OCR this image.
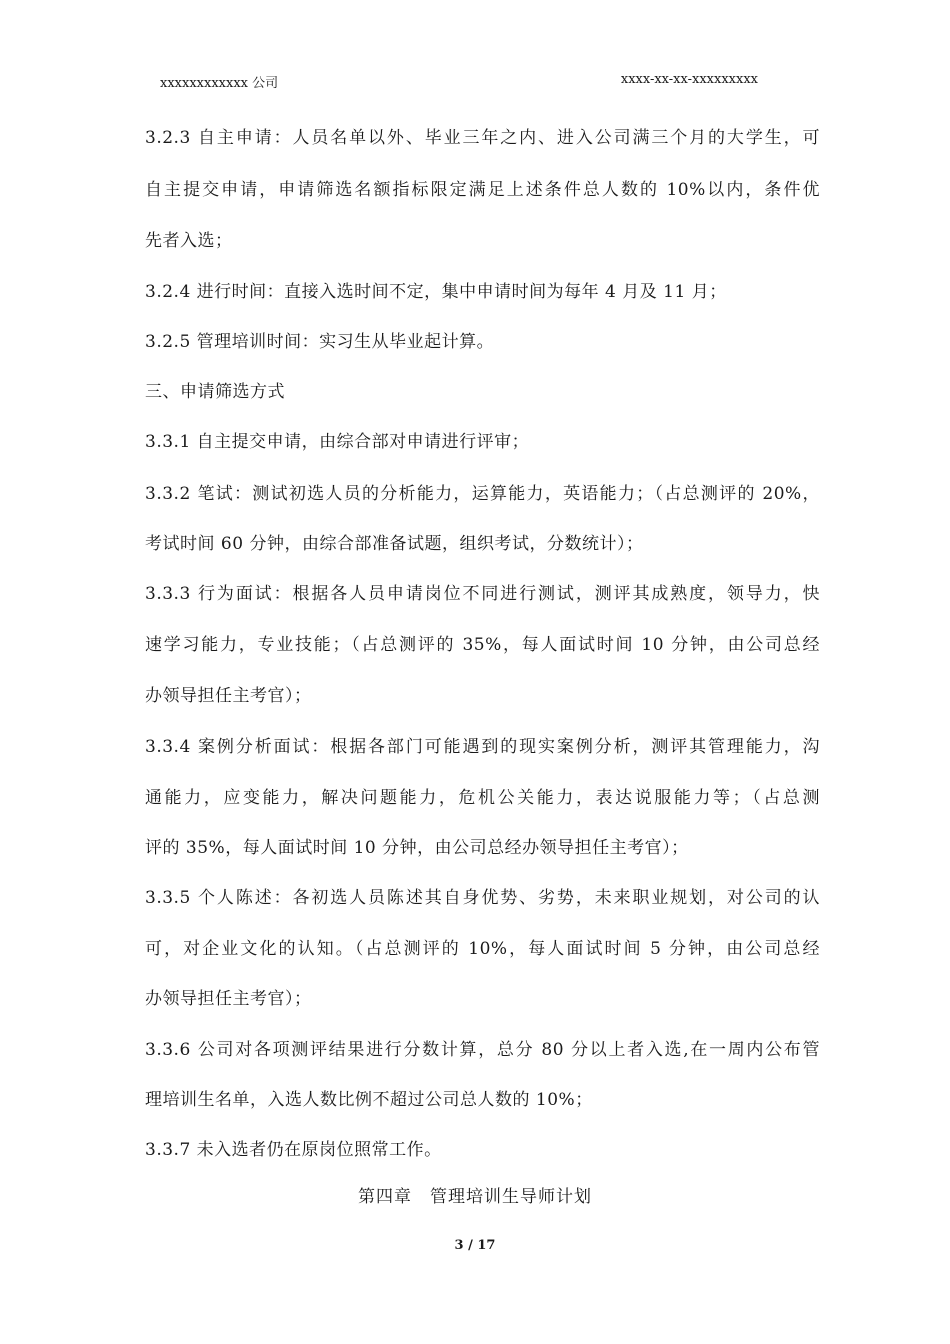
xxxxxxxxxxxx 公司	xxxx-xx-xx-xxxxxxxxx
3.2.3 自主申请：人员名单以外、毕业三年之内、进入公司满三个月的大学生，可
自主提交申请，申请筛选名额指标限定满足上述条件总人数的 10%以内，条件优
先者入选；
3.2.4 进行时间：直接入选时间不定，集中申请时间为每年 4 月及 11 月；
3.2.5 管理培训时间：实习生从毕业起计算。
三、申请筛选方式
3.3.1 自主提交申请，由综合部对申请进行评审；
3.3.2 笔试：测试初选人员的分析能力，运算能力，英语能力；（占总测评的 20%，
考试时间 60 分钟，由综合部准备试题，组织考试，分数统计）；
3.3.3 行为面试：根据各人员申请岗位不同进行测试，测评其成熟度，领导力，快
速学习能力，专业技能；（占总测评的 35%，每人面试时间 10 分钟，由公司总经
办领导担任主考官）；
3.3.4 案例分析面试：根据各部门可能遇到的现实案例分析，测评其管理能力，沟
通能力，应变能力，解决问题能力，危机公关能力，表达说服能力等；（占总测
评的 35%，每人面试时间 10 分钟，由公司总经办领导担任主考官）；
3.3.5 个人陈述：各初选人员陈述其自身优势、劣势，未来职业规划，对公司的认
可，对企业文化的认知。（占总测评的 10%，每人面试时间 5 分钟，由公司总经
办领导担任主考官）；
3.3.6 公司对各项测评结果进行分数计算，总分 80 分以上者入选,在一周内公布管
理培训生名单，入选人数比例不超过公司总人数的 10%；
3.3.7 未入选者仍在原岗位照常工作。
第四章　管理培训生导师计划
3 / 17
